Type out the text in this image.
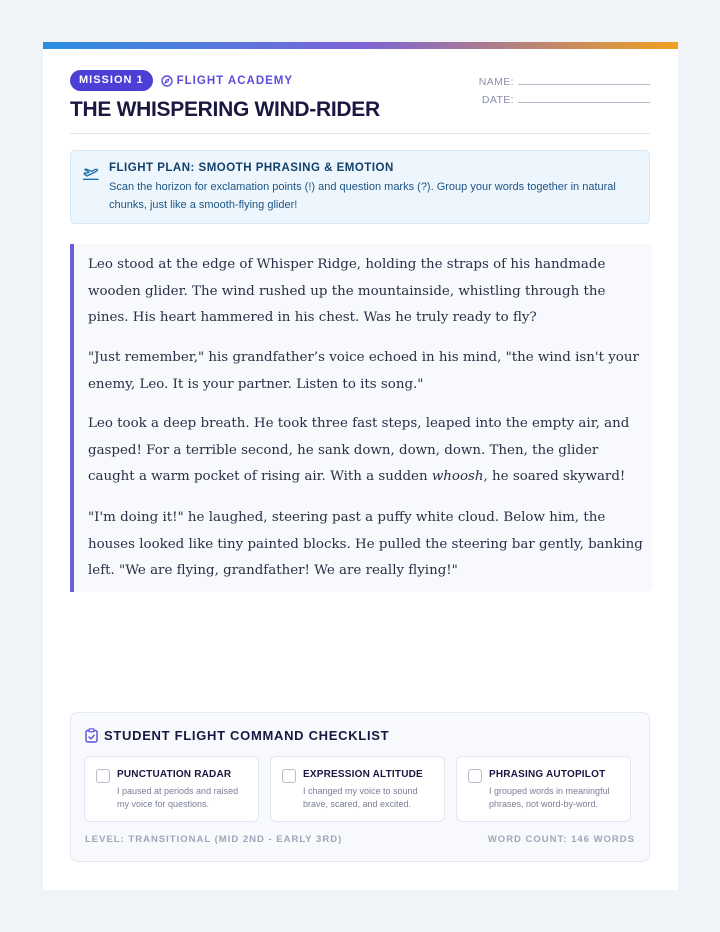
MISSION 1	FLIGHT ACADEMY
THE WHISPERING WIND-RIDER
NAME:
DATE:
FLIGHT PLAN: SMOOTH PHRASING & EMOTION
Scan the horizon for exclamation points (!) and question marks (?). Group your words together in natural chunks, just like a smooth-flying glider!

Leo stood at the edge of Whisper Ridge, holding the straps of his handmade wooden glider. The wind rushed up the mountainside, whistling through the pines. His heart hammered in his chest. Was he truly ready to fly?

"Just remember," his grandfather’s voice echoed in his mind, "the wind isn't your enemy, Leo. It is your partner. Listen to its song."

Leo took a deep breath. He took three fast steps, leaped into the empty air, and gasped! For a terrible second, he sank down, down, down. Then, the glider caught a warm pocket of rising air. With a sudden whoosh, he soared skyward!

"I'm doing it!" he laughed, steering past a puffy white cloud. Below him, the houses looked like tiny painted blocks. He pulled the steering bar gently, banking left. "We are flying, grandfather! We are really flying!"

STUDENT FLIGHT COMMAND CHECKLIST
PUNCTUATION RADAR
I paused at periods and raised my voice for questions.
EXPRESSION ALTITUDE
I changed my voice to sound brave, scared, and excited.
PHRASING AUTOPILOT
I grouped words in meaningful phrases, not word-by-word.
LEVEL: TRANSITIONAL (MID 2ND - EARLY 3RD)	WORD COUNT: 146 WORDS
